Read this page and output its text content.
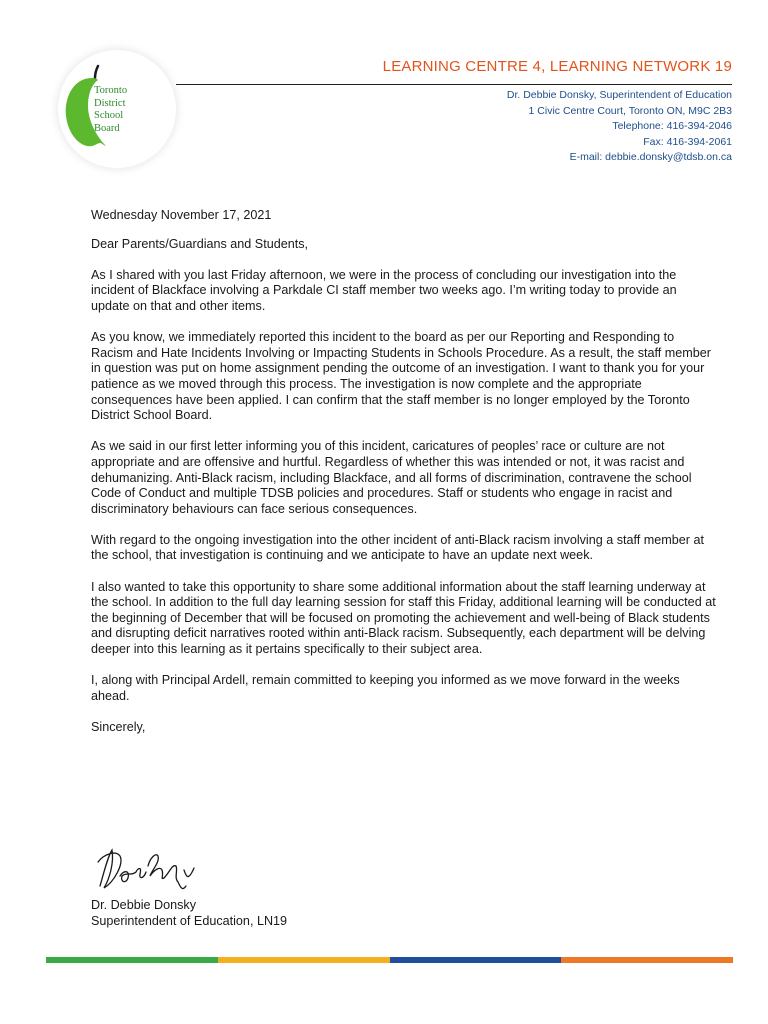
Toronto
District
School
Board
LEARNING CENTRE 4, LEARNING NETWORK 19
Dr. Debbie Donsky, Superintendent of Education
1 Civic Centre Court, Toronto ON, M9C 2B3
Telephone: 416-394-2046
Fax: 416-394-2061
E-mail: debbie.donsky@tdsb.on.ca

Wednesday November 17, 2021

Dear Parents/Guardians and Students,

As I shared with you last Friday afternoon, we were in the process of concluding our investigation into the incident of Blackface involving a Parkdale CI staff member two weeks ago. I’m writing today to provide an update on that and other items.

As you know, we immediately reported this incident to the board as per our Reporting and Responding to Racism and Hate Incidents Involving or Impacting Students in Schools Procedure. As a result, the staff member in question was put on home assignment pending the outcome of an investigation. I want to thank you for your patience as we moved through this process. The investigation is now complete and the appropriate consequences have been applied. I can confirm that the staff member is no longer employed by the Toronto District School Board.

As we said in our first letter informing you of this incident, caricatures of peoples’ race or culture are not appropriate and are offensive and hurtful. Regardless of whether this was intended or not, it was racist and dehumanizing. Anti-Black racism, including Blackface, and all forms of discrimination, contravene the school Code of Conduct and multiple TDSB policies and procedures. Staff or students who engage in racist and discriminatory behaviours can face serious consequences.

With regard to the ongoing investigation into the other incident of anti-Black racism involving a staff member at the school, that investigation is continuing and we anticipate to have an update next week.

I also wanted to take this opportunity to share some additional information about the staff learning underway at the school. In addition to the full day learning session for staff this Friday, additional learning will be conducted at the beginning of December that will be focused on promoting the achievement and well-being of Black students and disrupting deficit narratives rooted within anti-Black racism. Subsequently, each department will be delving deeper into this learning as it pertains specifically to their subject area.

I, along with Principal Ardell, remain committed to keeping you informed as we move forward in the weeks ahead.

Sincerely,

Dr. Debbie Donsky
Superintendent of Education, LN19
